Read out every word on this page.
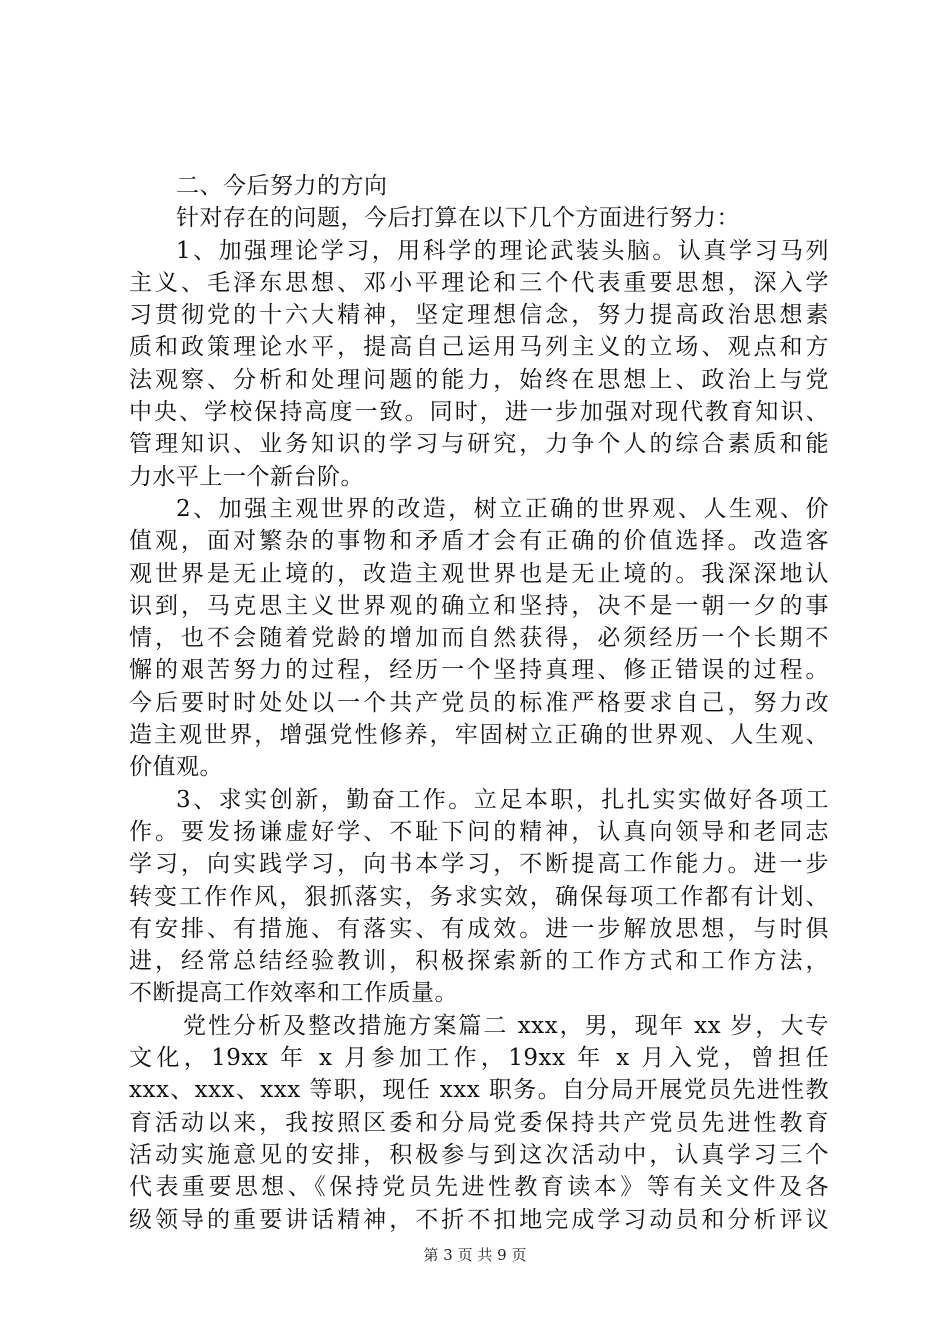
二、今后努力的方向
针对存在的问题，今后打算在以下几个方面进行努力：
1、加强理论学习，用科学的理论武装头脑。认真学习马列
主义、毛泽东思想、邓小平理论和三个代表重要思想，深入学
习贯彻党的十六大精神，坚定理想信念，努力提高政治思想素
质和政策理论水平，提高自己运用马列主义的立场、观点和方
法观察、分析和处理问题的能力，始终在思想上、政治上与党
中央、学校保持高度一致。同时，进一步加强对现代教育知识、
管理知识、业务知识的学习与研究，力争个人的综合素质和能
力水平上一个新台阶。
2、加强主观世界的改造，树立正确的世界观、人生观、价
值观，面对繁杂的事物和矛盾才会有正确的价值选择。改造客
观世界是无止境的，改造主观世界也是无止境的。我深深地认
识到，马克思主义世界观的确立和坚持，决不是一朝一夕的事
情，也不会随着党龄的增加而自然获得，必须经历一个长期不
懈的艰苦努力的过程，经历一个坚持真理、修正错误的过程。
今后要时时处处以一个共产党员的标准严格要求自己，努力改
造主观世界，增强党性修养，牢固树立正确的世界观、人生观、
价值观。
3、求实创新，勤奋工作。立足本职，扎扎实实做好各项工
作。要发扬谦虚好学、不耻下问的精神，认真向领导和老同志
学习，向实践学习，向书本学习，不断提高工作能力。进一步
转变工作作风，狠抓落实，务求实效，确保每项工作都有计划、
有安排、有措施、有落实、有成效。进一步解放思想，与时俱
进，经常总结经验教训，积极探索新的工作方式和工作方法，
不断提高工作效率和工作质量。
党性分析及整改措施方案篇二 xxx，男，现年 xx 岁，大专
文化，19xx 年 x 月参加工作，19xx 年 x 月入党，曾担任
xxx、xxx、xxx 等职，现任 xxx 职务。自分局开展党员先进性教
育活动以来，我按照区委和分局党委保持共产党员先进性教育
活动实施意见的安排，积极参与到这次活动中，认真学习三个
代表重要思想、《保持党员先进性教育读本》等有关文件及各
级领导的重要讲话精神，不折不扣地完成学习动员和分析评议
第 3 页 共 9 页
